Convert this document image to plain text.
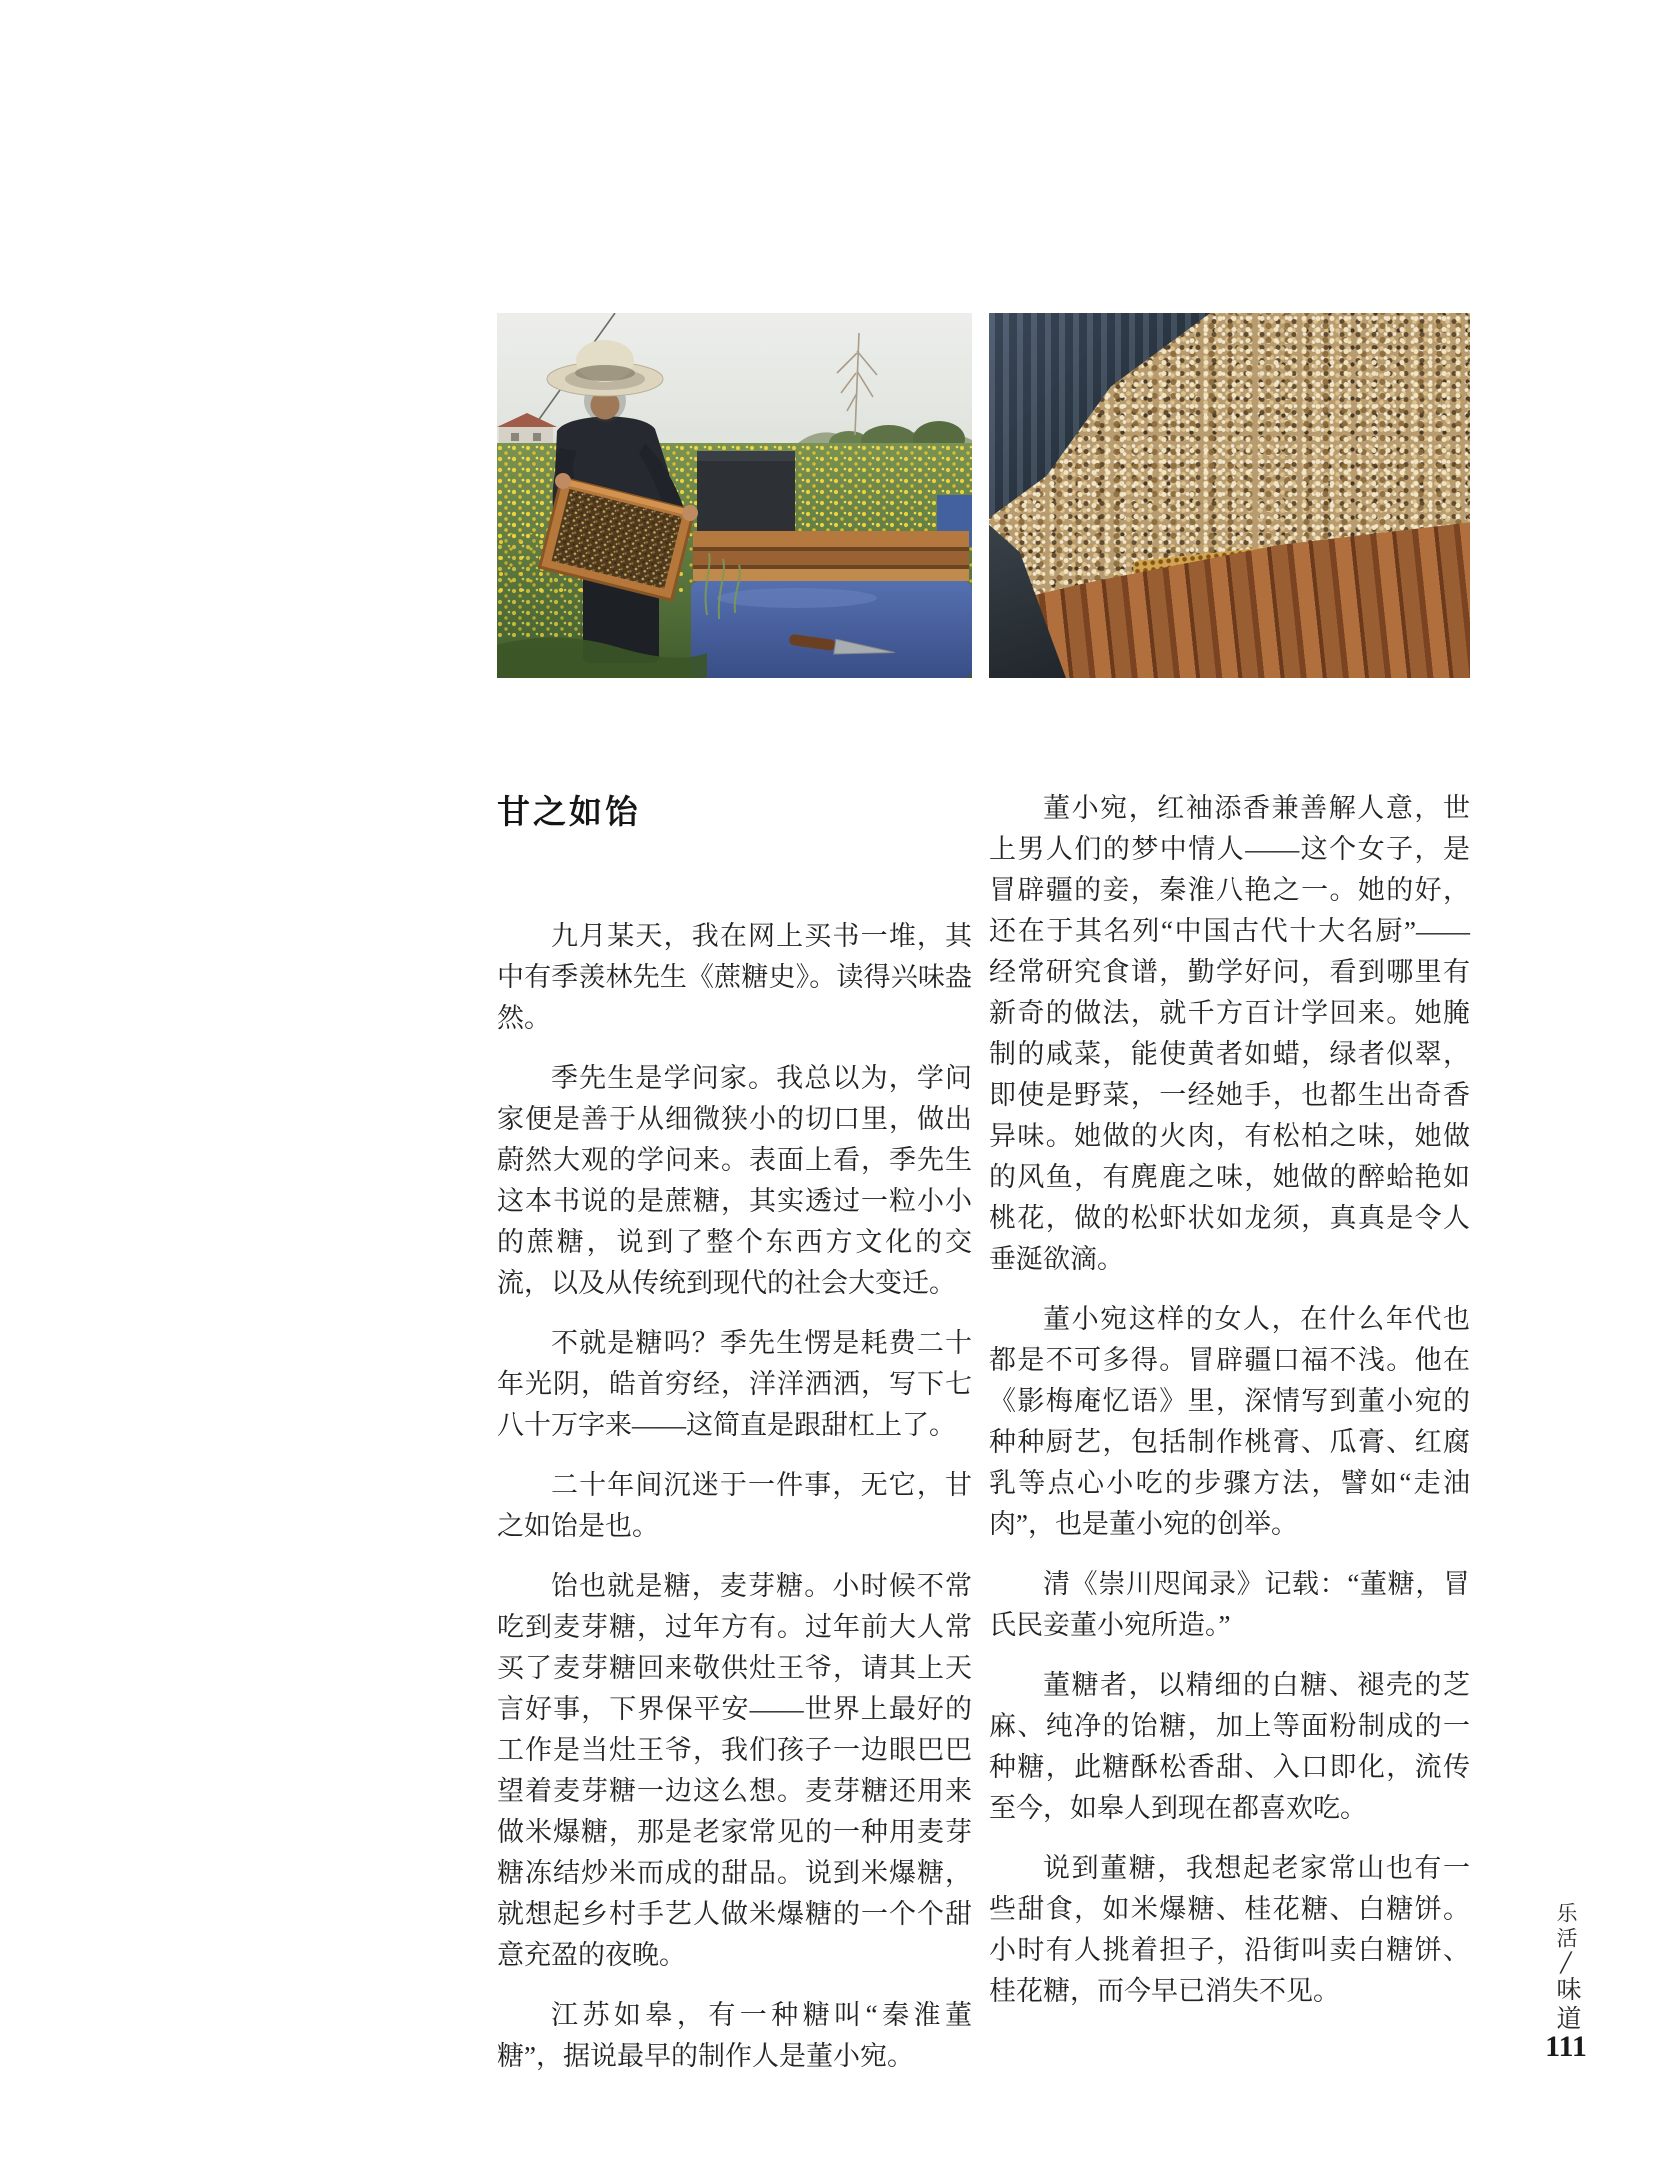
甘之如饴

九月某天，我在网上买书一堆，其中有季羡林先生《蔗糖史》。读得兴味盎然。

季先生是学问家。我总以为，学问家便是善于从细微狭小的切口里，做出蔚然大观的学问来。表面上看，季先生这本书说的是蔗糖，其实透过一粒小小的蔗糖，说到了整个东西方文化的交流，以及从传统到现代的社会大变迁。

不就是糖吗？季先生愣是耗费二十年光阴，皓首穷经，洋洋洒洒，写下七八十万字来——这简直是跟甜杠上了。

二十年间沉迷于一件事，无它，甘之如饴是也。

饴也就是糖，麦芽糖。小时候不常吃到麦芽糖，过年方有。过年前大人常买了麦芽糖回来敬供灶王爷，请其上天言好事，下界保平安——世界上最好的工作是当灶王爷，我们孩子一边眼巴巴望着麦芽糖一边这么想。麦芽糖还用来做米爆糖，那是老家常见的一种用麦芽糖冻结炒米而成的甜品。说到米爆糖，就想起乡村手艺人做米爆糖的一个个甜意充盈的夜晚。

江苏如皋，有一种糖叫“秦淮董糖”，据说最早的制作人是董小宛。

董小宛，红袖添香兼善解人意，世上男人们的梦中情人——这个女子，是冒辟疆的妾，秦淮八艳之一。她的好，还在于其名列“中国古代十大名厨”——经常研究食谱，勤学好问，看到哪里有新奇的做法，就千方百计学回来。她腌制的咸菜，能使黄者如蜡，绿者似翠，即使是野菜，一经她手，也都生出奇香异味。她做的火肉，有松柏之味，她做的风鱼，有麂鹿之味，她做的醉蛤艳如桃花，做的松虾状如龙须，真真是令人垂涎欲滴。

董小宛这样的女人，在什么年代也都是不可多得。冒辟疆口福不浅。他在《影梅庵忆语》里，深情写到董小宛的种种厨艺，包括制作桃膏、瓜膏、红腐乳等点心小吃的步骤方法，譬如“走油肉”，也是董小宛的创举。

清《崇川咫闻录》记载：“董糖，冒氏民妾董小宛所造。”

董糖者，以精细的白糖、褪壳的芝麻、纯净的饴糖，加上等面粉制成的一种糖，此糖酥松香甜、入口即化，流传至今，如皋人到现在都喜欢吃。

说到董糖，我想起老家常山也有一些甜食，如米爆糖、桂花糖、白糖饼。小时有人挑着担子，沿街叫卖白糖饼、桂花糖，而今早已消失不见。

乐活
╱
味道
111
